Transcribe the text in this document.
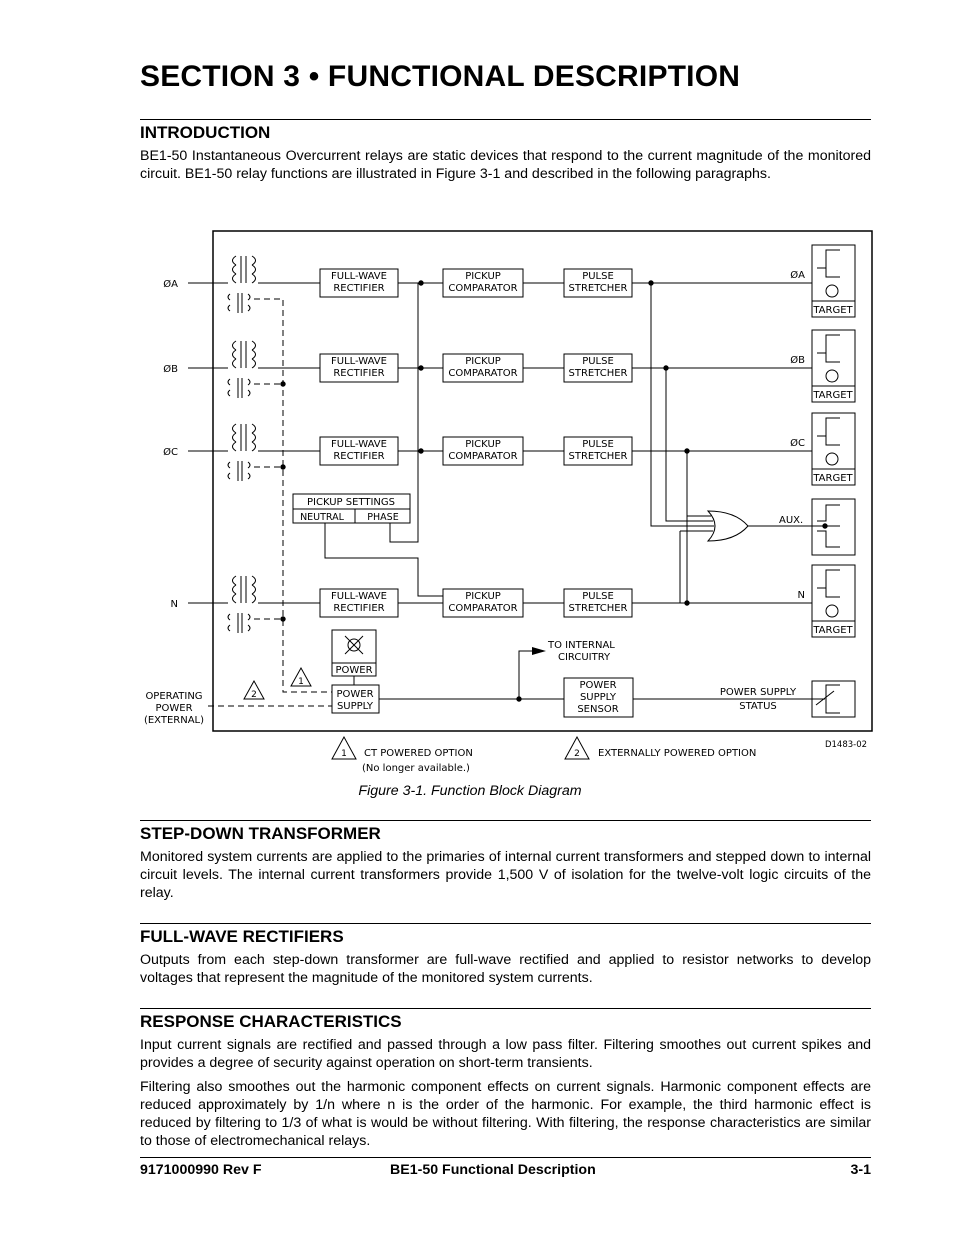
SECTION 3 • FUNCTIONAL DESCRIPTION
INTRODUCTION

BE1-50 Instantaneous Overcurrent relays are static devices that respond to the current magnitude of the monitored circuit. BE1-50 relay functions are illustrated in Figure 3-1 and described in the following paragraphs.

ØA
FULL-WAVE
RECTIFIER
PICKUP
COMPARATOR
PULSE
STRETCHER
ØA
TARGET
ØB
FULL-WAVE
RECTIFIER
PICKUP
COMPARATOR
PULSE
STRETCHER
ØB
TARGET
ØC
FULL-WAVE
RECTIFIER
PICKUP
COMPARATOR
PULSE
STRETCHER
ØC
TARGET
N
FULL-WAVE
RECTIFIER
PICKUP
COMPARATOR
PULSE
STRETCHER
N
TARGET
PICKUP SETTINGS
NEUTRAL PHASE	AUX.
POWER
POWER
SUPPLY
TO INTERNAL
CIRCUITRY
POWER
SUPPLY
SENSOR
POWER SUPPLY
STATUS
OPERATING
POWER
(EXTERNAL)
2
1
1 CT POWERED OPTION
(No longer available.)
2 EXTERNALLY POWERED OPTION
D1483-02
Figure 3-1. Function Block Diagram
STEP-DOWN TRANSFORMER

Monitored system currents are applied to the primaries of internal current transformers and stepped down to internal circuit levels. The internal current transformers provide 1,500 V of isolation for the twelve-volt logic circuits of the relay.

FULL-WAVE RECTIFIERS

Outputs from each step-down transformer are full-wave rectified and applied to resistor networks to develop voltages that represent the magnitude of the monitored system currents.

RESPONSE CHARACTERISTICS

Input current signals are rectified and passed through a low pass filter. Filtering smoothes out current spikes and provides a degree of security against operation on short-term transients.

Filtering also smoothes out the harmonic component effects on current signals. Harmonic component effects are reduced approximately by 1/n where n is the order of the harmonic. For example, the third harmonic effect is reduced by filtering to 1/3 of what is would be without filtering. With filtering, the response characteristics are similar to those of electromechanical relays.

9171000990 Rev F	BE1-50 Functional Description	3-1
